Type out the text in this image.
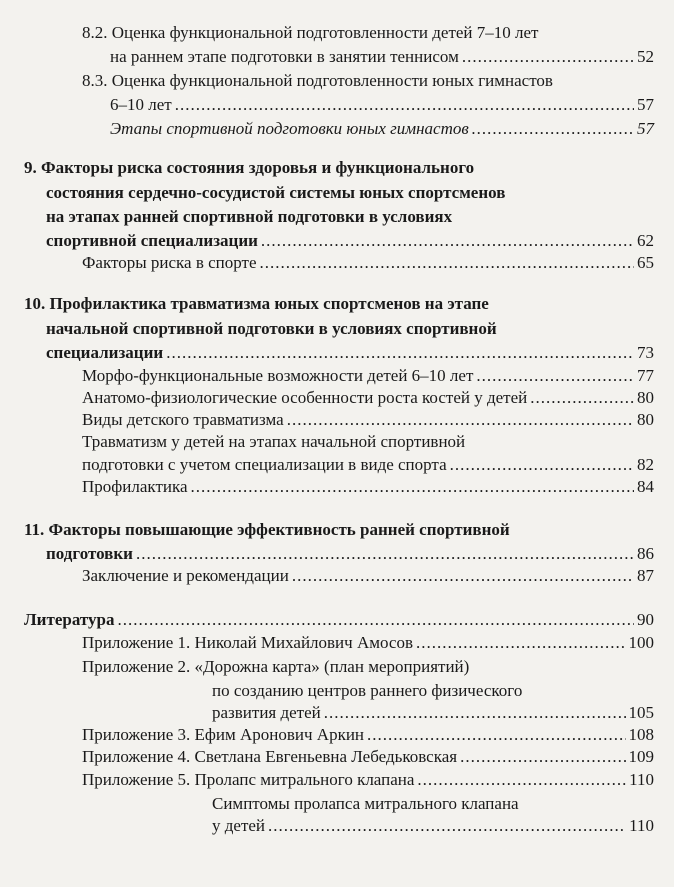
8.2. Оценка функциональной подготовленности детей 7–10 лет
на раннем этапе подготовки в занятии теннисом .....	52
8.3. Оценка функциональной подготовленности юных гимнастов
6–10 лет .....	57
Этапы спортивной подготовки юных гимнастов .....	57
9. Факторы риска состояния здоровья и функционального
состояния сердечно-сосудистой системы юных спортсменов
на этапах ранней спортивной подготовки в условиях
спортивной специализации .....	62
Факторы риска в спорте .....	65
10. Профилактика травматизма юных спортсменов на этапе
начальной спортивной подготовки в условиях спортивной
специализации .....	73
Морфо-функциональные возможности детей 6–10 лет .....	77
Анатомо-физиологические особенности роста костей у детей .....	80
Виды детского травматизма .....	80
Травматизм у детей на этапах начальной спортивной
подготовки с учетом специализации в виде спорта .....	82
Профилактика .....	84
11. Факторы повышающие эффективность ранней спортивной
подготовки .....	86
Заключение и рекомендации .....	87
Литература .....	90
Приложение 1. Николай Михайлович Амосов .....	100
Приложение 2. «Дорожна карта» (план мероприятий)
по созданию центров раннего физического
развития детей .....	105
Приложение 3. Ефим Аронович Аркин .....	108
Приложение 4. Светлана Евгеньевна Лебедьковская .....	109
Приложение 5. Пролапс митрального клапана .....	110
Симптомы пролапса митрального клапана
у детей .....	110
